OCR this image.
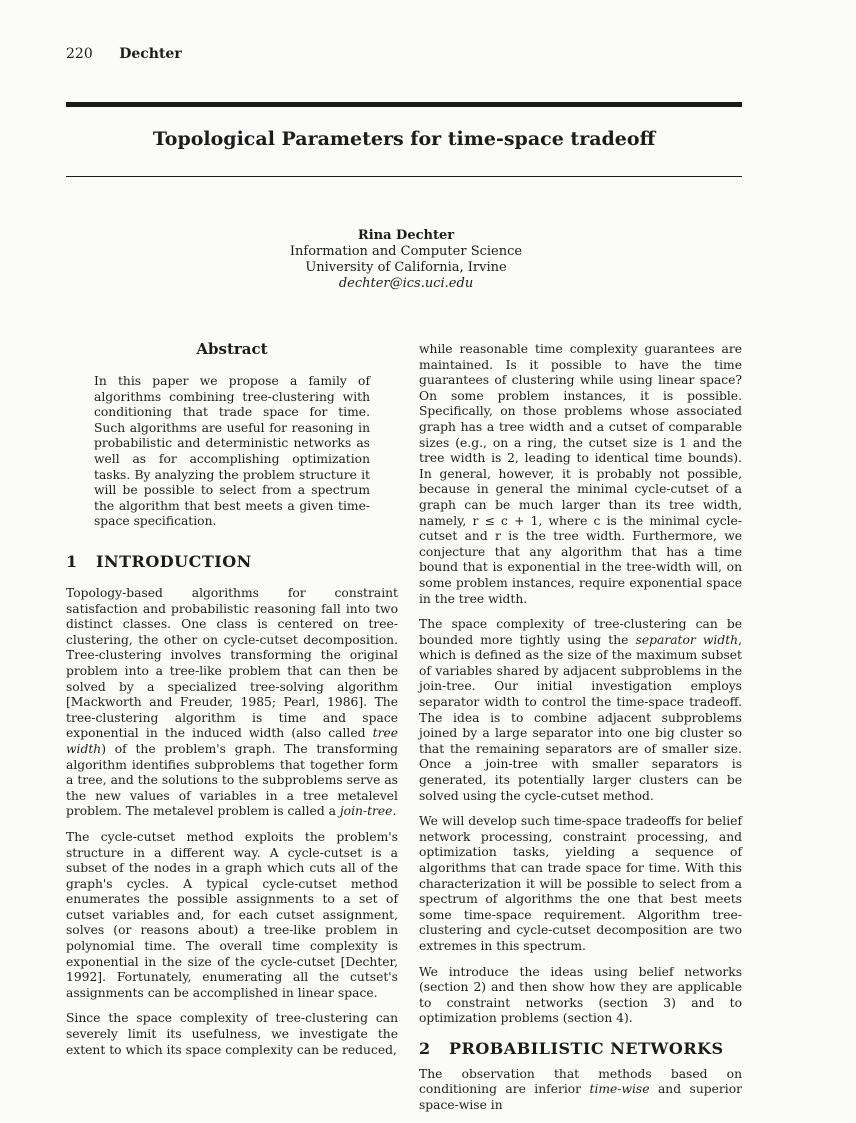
220 Dechter
Topological Parameters for time-space tradeoff
Rina Dechter
Information and Computer Science
University of California, Irvine
dechter@ics.uci.edu
Abstract

In this paper we propose a family of algorithms combining tree-clustering with conditioning that trade space for time. Such algorithms are useful for reasoning in probabilistic and deterministic networks as well as for accomplishing optimization tasks. By analyzing the problem structure it will be possible to select from a spectrum the algorithm that best meets a given time-space specification.

1 INTRODUCTION

Topology-based algorithms for constraint satisfaction and probabilistic reasoning fall into two distinct classes. One class is centered on tree-clustering, the other on cycle-cutset decomposition. Tree-clustering involves transforming the original problem into a tree-like problem that can then be solved by a specialized tree-solving algorithm [Mackworth and Freuder, 1985; Pearl, 1986]. The tree-clustering algorithm is time and space exponential in the induced width (also called tree width) of the problem's graph. The transforming algorithm identifies subproblems that together form a tree, and the solutions to the subproblems serve as the new values of variables in a tree metalevel problem. The metalevel problem is called a join-tree.

The cycle-cutset method exploits the problem's structure in a different way. A cycle-cutset is a subset of the nodes in a graph which cuts all of the graph's cycles. A typical cycle-cutset method enumerates the possible assignments to a set of cutset variables and, for each cutset assignment, solves (or reasons about) a tree-like problem in polynomial time. The overall time complexity is exponential in the size of the cycle-cutset [Dechter, 1992]. Fortunately, enumerating all the cutset's assignments can be accomplished in linear space.

Since the space complexity of tree-clustering can severely limit its usefulness, we investigate the extent to which its space complexity can be reduced,

while reasonable time complexity guarantees are maintained. Is it possible to have the time guarantees of clustering while using linear space? On some problem instances, it is possible. Specifically, on those problems whose associated graph has a tree width and a cutset of comparable sizes (e.g., on a ring, the cutset size is 1 and the tree width is 2, leading to identical time bounds). In general, however, it is probably not possible, because in general the minimal cycle-cutset of a graph can be much larger than its tree width, namely, r ≤ c + 1, where c is the minimal cycle-cutset and r is the tree width. Furthermore, we conjecture that any algorithm that has a time bound that is exponential in the tree-width will, on some problem instances, require exponential space in the tree width.

The space complexity of tree-clustering can be bounded more tightly using the separator width, which is defined as the size of the maximum subset of variables shared by adjacent subproblems in the join-tree. Our initial investigation employs separator width to control the time-space tradeoff. The idea is to combine adjacent subproblems joined by a large separator into one big cluster so that the remaining separators are of smaller size. Once a join-tree with smaller separators is generated, its potentially larger clusters can be solved using the cycle-cutset method.

We will develop such time-space tradeoffs for belief network processing, constraint processing, and optimization tasks, yielding a sequence of algorithms that can trade space for time. With this characterization it will be possible to select from a spectrum of algorithms the one that best meets some time-space requirement. Algorithm tree-clustering and cycle-cutset decomposition are two extremes in this spectrum.

We introduce the ideas using belief networks (section 2) and then show how they are applicable to constraint networks (section 3) and to optimization problems (section 4).

2 PROBABILISTIC NETWORKS

The observation that methods based on conditioning are inferior time-wise and superior space-wise in
